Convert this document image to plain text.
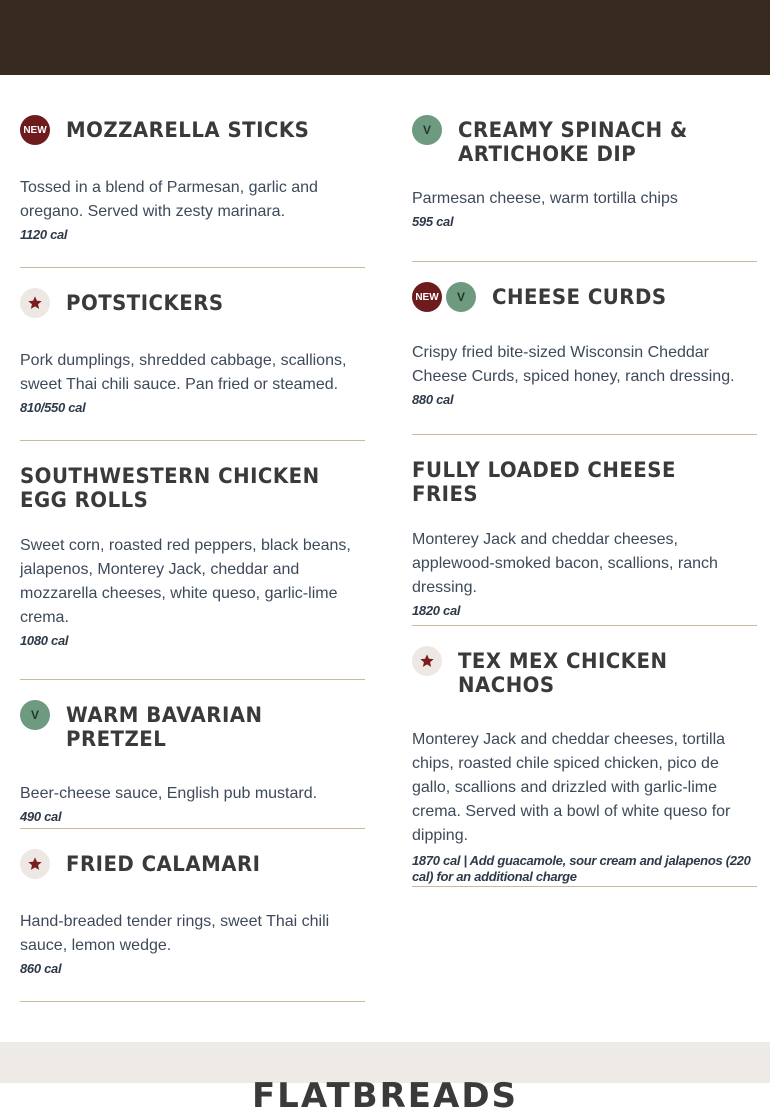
NEW MOZZARELLA STICKS

Tossed in a blend of Parmesan, garlic and oregano. Served with zesty marinara.

1120 cal
POTSTICKERS

Pork dumplings, shredded cabbage, scallions, sweet Thai chili sauce. Pan fried or steamed.

810/550 cal
SOUTHWESTERN CHICKEN EGG ROLLS

Sweet corn, roasted red peppers, black beans, jalapenos, Monterey Jack, cheddar and mozzarella cheeses, white queso, garlic-lime crema.

1080 cal
V	WARM BAVARIAN PRETZEL

Beer-cheese sauce, English pub mustard.

490 cal
FRIED CALAMARI

Hand-breaded tender rings, sweet Thai chili sauce, lemon wedge.

860 cal
V	CREAMY SPINACH & ARTICHOKE DIP

Parmesan cheese, warm tortilla chips

595 cal
NEW	V	CHEESE CURDS

Crispy fried bite-sized Wisconsin Cheddar Cheese Curds, spiced honey, ranch dressing.

880 cal
FULLY LOADED CHEESE FRIES

Monterey Jack and cheddar cheeses, applewood-smoked bacon, scallions, ranch dressing.

1820 cal
TEX MEX CHICKEN NACHOS

Monterey Jack and cheddar cheeses, tortilla chips, roasted chile spiced chicken, pico de gallo, scallions and drizzled with garlic-lime crema. Served with a bowl of white queso for dipping.

1870 cal | Add guacamole, sour cream and jalapenos (220 cal) for an additional charge
FLATBREADS
